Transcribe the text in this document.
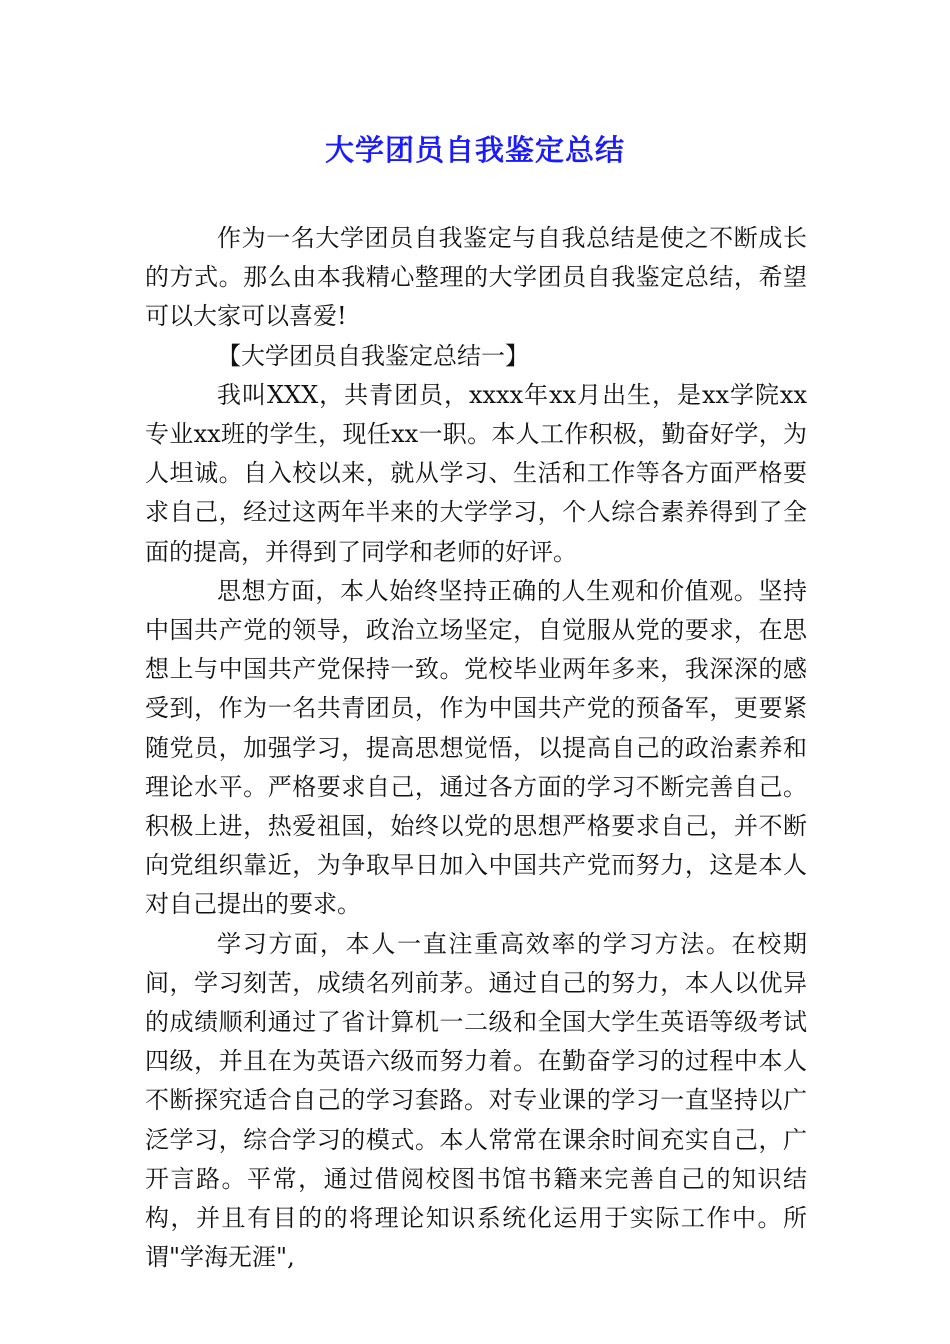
大学团员自我鉴定总结

作为一名大学团员自我鉴定与自我总结是使之不断成长的方式。那么由本我精心整理的大学团员自我鉴定总结，希望可以大家可以喜爱!

【大学团员自我鉴定总结一】

我叫XXX，共青团员，xxxx年xx月出生，是xx学院xx专业xx班的学生，现任xx一职。本人工作积极，勤奋好学，为人坦诚。自入校以来，就从学习、生活和工作等各方面严格要求自己，经过这两年半来的大学学习，个人综合素养得到了全面的提高，并得到了同学和老师的好评。

思想方面，本人始终坚持正确的人生观和价值观。坚持中国共产党的领导，政治立场坚定，自觉服从党的要求，在思想上与中国共产党保持一致。党校毕业两年多来，我深深的感受到，作为一名共青团员，作为中国共产党的预备军，更要紧随党员，加强学习，提高思想觉悟，以提高自己的政治素养和理论水平。严格要求自己，通过各方面的学习不断完善自己。积极上进，热爱祖国，始终以党的思想严格要求自己，并不断向党组织靠近，为争取早日加入中国共产党而努力，这是本人对自己提出的要求。

学习方面，本人一直注重高效率的学习方法。在校期间，学习刻苦，成绩名列前茅。通过自己的努力，本人以优异的成绩顺利通过了省计算机一二级和全国大学生英语等级考试四级，并且在为英语六级而努力着。在勤奋学习的过程中本人不断探究适合自己的学习套路。对专业课的学习一直坚持以广泛学习，综合学习的模式。本人常常在课余时间充实自己，广开言路。平常，通过借阅校图书馆书籍来完善自己的知识结构，并且有目的的将理论知识系统化运用于实际工作中。所谓"学海无涯",
